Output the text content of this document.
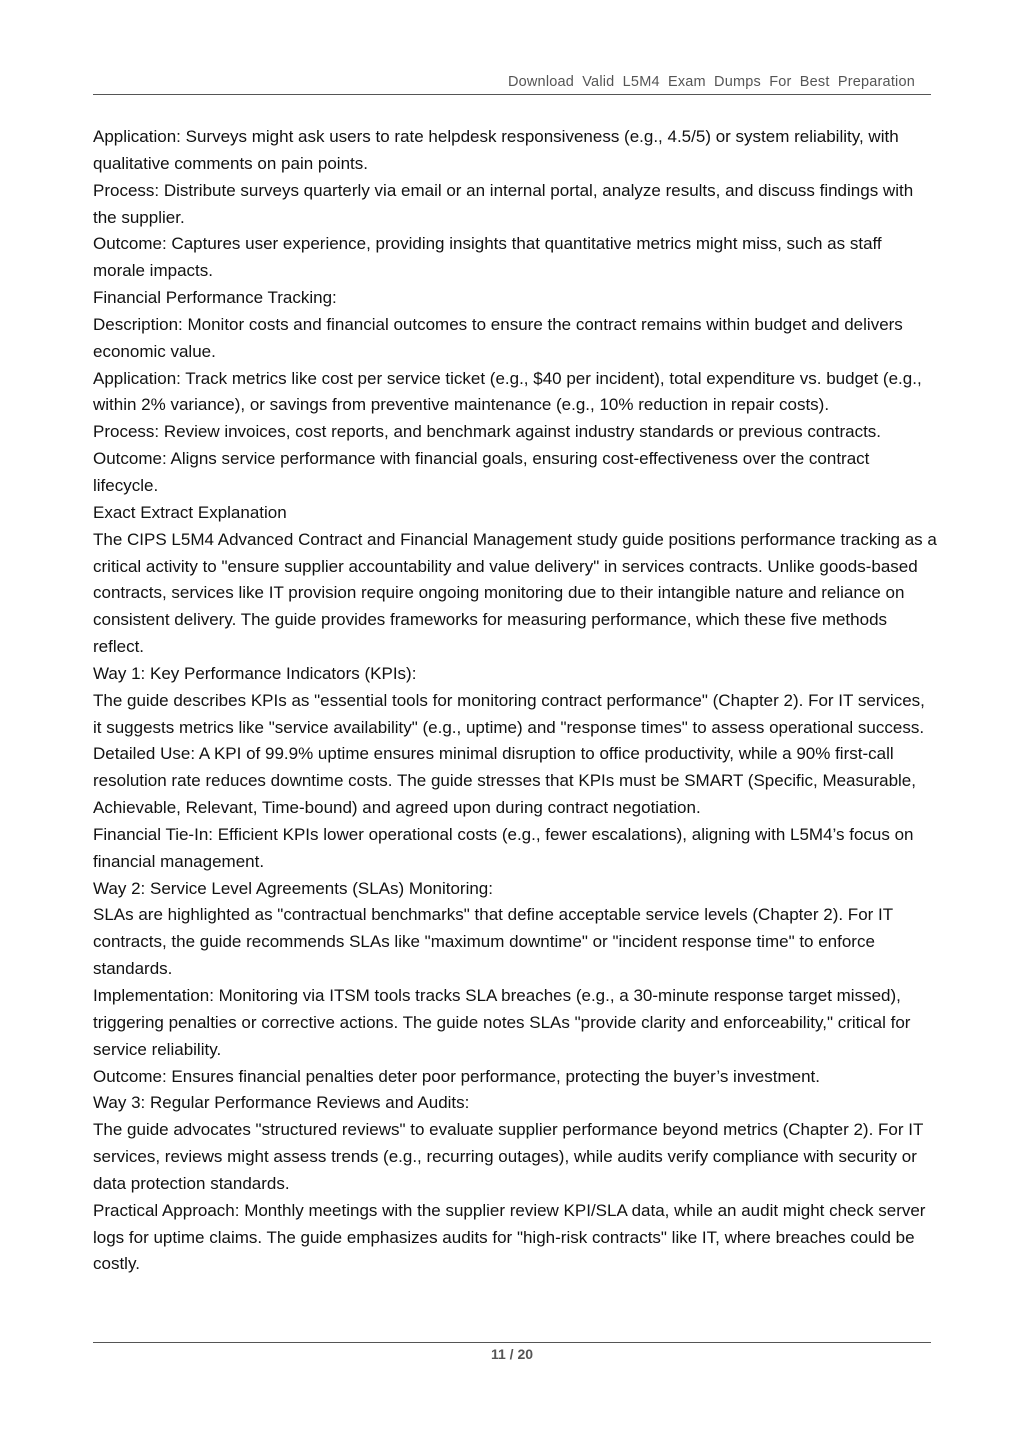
Download Valid L5M4 Exam Dumps For Best Preparation

Application: Surveys might ask users to rate helpdesk responsiveness (e.g., 4.5/5) or system reliability, with qualitative comments on pain points.

Process: Distribute surveys quarterly via email or an internal portal, analyze results, and discuss findings with the supplier.

Outcome: Captures user experience, providing insights that quantitative metrics might miss, such as staff morale impacts.

Financial Performance Tracking:

Description: Monitor costs and financial outcomes to ensure the contract remains within budget and delivers economic value.

Application: Track metrics like cost per service ticket (e.g., $40 per incident), total expenditure vs. budget (e.g., within 2% variance), or savings from preventive maintenance (e.g., 10% reduction in repair costs).

Process: Review invoices, cost reports, and benchmark against industry standards or previous contracts.

Outcome: Aligns service performance with financial goals, ensuring cost-effectiveness over the contract lifecycle.

Exact Extract Explanation

The CIPS L5M4 Advanced Contract and Financial Management study guide positions performance tracking as a critical activity to "ensure supplier accountability and value delivery" in services contracts. Unlike goods-based contracts, services like IT provision require ongoing monitoring due to their intangible nature and reliance on consistent delivery. The guide provides frameworks for measuring performance, which these five methods reflect.

Way 1: Key Performance Indicators (KPIs):

The guide describes KPIs as "essential tools for monitoring contract performance" (Chapter 2). For IT services, it suggests metrics like "service availability" (e.g., uptime) and "response times" to assess operational success.

Detailed Use: A KPI of 99.9% uptime ensures minimal disruption to office productivity, while a 90% first-call resolution rate reduces downtime costs. The guide stresses that KPIs must be SMART (Specific, Measurable, Achievable, Relevant, Time-bound) and agreed upon during contract negotiation.

Financial Tie-In: Efficient KPIs lower operational costs (e.g., fewer escalations), aligning with L5M4’s focus on financial management.

Way 2: Service Level Agreements (SLAs) Monitoring:

SLAs are highlighted as "contractual benchmarks" that define acceptable service levels (Chapter 2). For IT contracts, the guide recommends SLAs like "maximum downtime" or "incident response time" to enforce standards.

Implementation: Monitoring via ITSM tools tracks SLA breaches (e.g., a 30-minute response target missed), triggering penalties or corrective actions. The guide notes SLAs "provide clarity and enforceability," critical for service reliability.

Outcome: Ensures financial penalties deter poor performance, protecting the buyer’s investment.

Way 3: Regular Performance Reviews and Audits:

The guide advocates "structured reviews" to evaluate supplier performance beyond metrics (Chapter 2). For IT services, reviews might assess trends (e.g., recurring outages), while audits verify compliance with security or data protection standards.

Practical Approach: Monthly meetings with the supplier review KPI/SLA data, while an audit might check server logs for uptime claims. The guide emphasizes audits for "high-risk contracts" like IT, where breaches could be costly.

11 / 20
